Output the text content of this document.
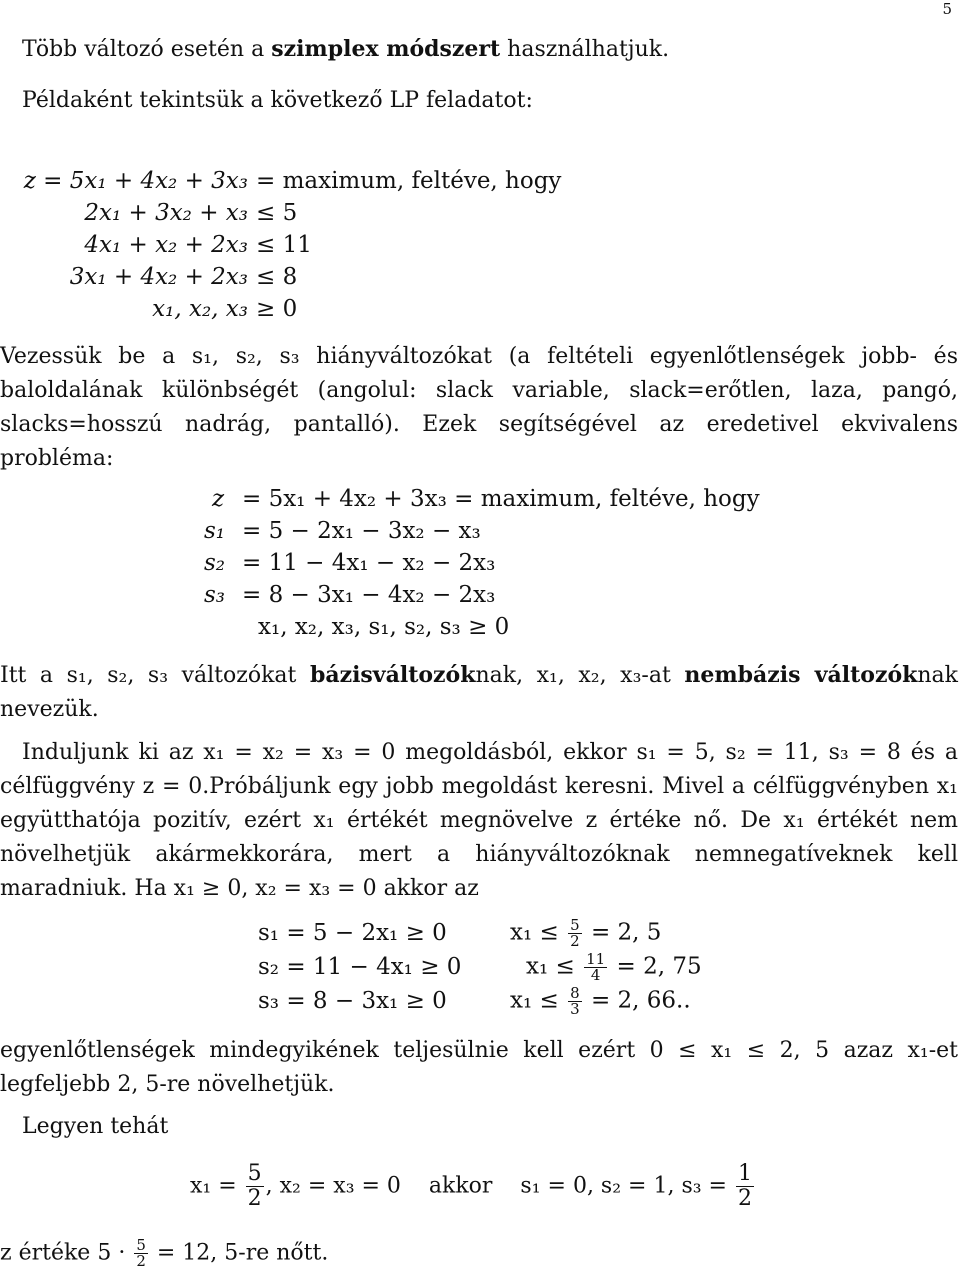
5
Több változó esetén a szimplex módszert használhatjuk.
Példaként tekintsük a következő LP feladatot:
z = 5x₁ + 4x₂ + 3x₃ = maximum, feltéve, hogy
2x₁ + 3x₂ + x₃ ≤ 5
4x₁ + x₂ + 2x₃ ≤ 11
3x₁ + 4x₂ + 2x₃ ≤ 8
x₁, x₂, x₃ ≥ 0
Vezessük be a s₁, s₂, s₃ hiányváltozókat (a feltételi egyenlőtlenségek jobb- és baloldalának különbségét (angolul: slack variable, slack=erőtlen, laza, pangó, slacks=hosszú nadrág, pantalló). Ezek segítségével az eredetivel ekvivalens probléma:
z = 5x₁ + 4x₂ + 3x₃ = maximum, feltéve, hogy
s₁ = 5 − 2x₁ − 3x₂ − x₃
s₂ = 11 − 4x₁ − x₂ − 2x₃
s₃ = 8 − 3x₁ − 4x₂ − 2x₃
x₁, x₂, x₃, s₁, s₂, s₃ ≥ 0
Itt a s₁, s₂, s₃ változókat bázisváltozóknak, x₁, x₂, x₃-at nembázis változóknak nevezük.
Induljunk ki az x₁ = x₂ = x₃ = 0 megoldásból, ekkor s₁ = 5, s₂ = 11, s₃ = 8 és a célfüggvény z = 0.Próbáljunk egy jobb megoldást keresni. Mivel a célfüggvényben x₁ együtthatója pozitív, ezért x₁ értékét megnövelve z értéke nő. De x₁ értékét nem növelhetjük akármekkorára, mert a hiányváltozóknak nemnegatíveknek kell maradniuk. Ha x₁ ≥ 0, x₂ = x₃ = 0 akkor az
s₁ = 5 − 2x₁ ≥ 0	$x_1 \le \frac{5}{2} = 2$, 5
s₂ = 11 − 4x₁ ≥ 0	$x_1 \le \frac{11}{4} = 2$, 75
s₃ = 8 − 3x₁ ≥ 0	$x_1 \le \frac{8}{3} = 2$, 66..
egyenlőtlenségek mindegyikének teljesülnie kell ezért 0 ≤ x₁ ≤ 2, 5 azaz x₁-et legfeljebb 2, 5-re növelhetjük.
Legyen tehát
$x_1 = \frac{5}{2}$ , x₂ = x₃ = 0    akkor    s₁ = 0, s₂ = 1, $s_3 = \frac{1}{2}$
z értéke $5 \cdot \frac{5}{2} = 12$, 5-re nőtt.
